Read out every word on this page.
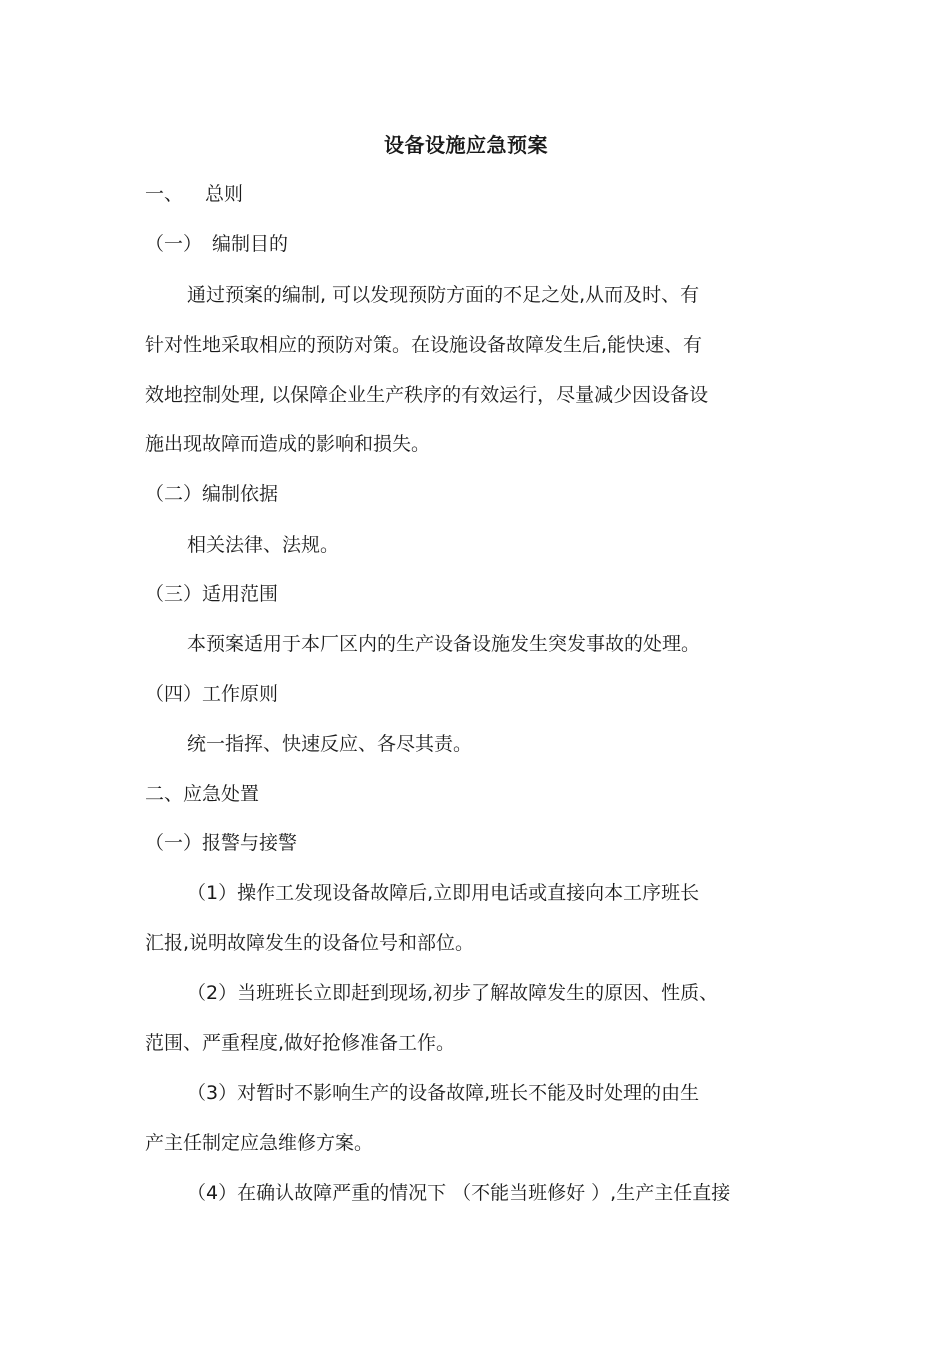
设备设施应急预案
一、 总则
（一） 编制目的
通过预案的编制, 可以发现预防方面的不足之处,从而及时、有
针对性地采取相应的预防对策。在设施设备故障发生后,能快速、有
效地控制处理, 以保障企业生产秩序的有效运行，尽量减少因设备设
施出现故障而造成的影响和损失。
（二）编制依据
相关法律、法规。
（三）适用范围
本预案适用于本厂区内的生产设备设施发生突发事故的处理。
（四）工作原则
统一指挥、快速反应、各尽其责。
二、应急处置
（一）报警与接警
（1）操作工发现设备故障后,立即用电话或直接向本工序班长
汇报,说明故障发生的设备位号和部位。
（2）当班班长立即赶到现场,初步了解故障发生的原因、性质、
范围、严重程度,做好抢修准备工作。
（3）对暂时不影响生产的设备故障,班长不能及时处理的由生
产主任制定应急维修方案。
（4）在确认故障严重的情况下 （不能当班修好 ）,生产主任直接
